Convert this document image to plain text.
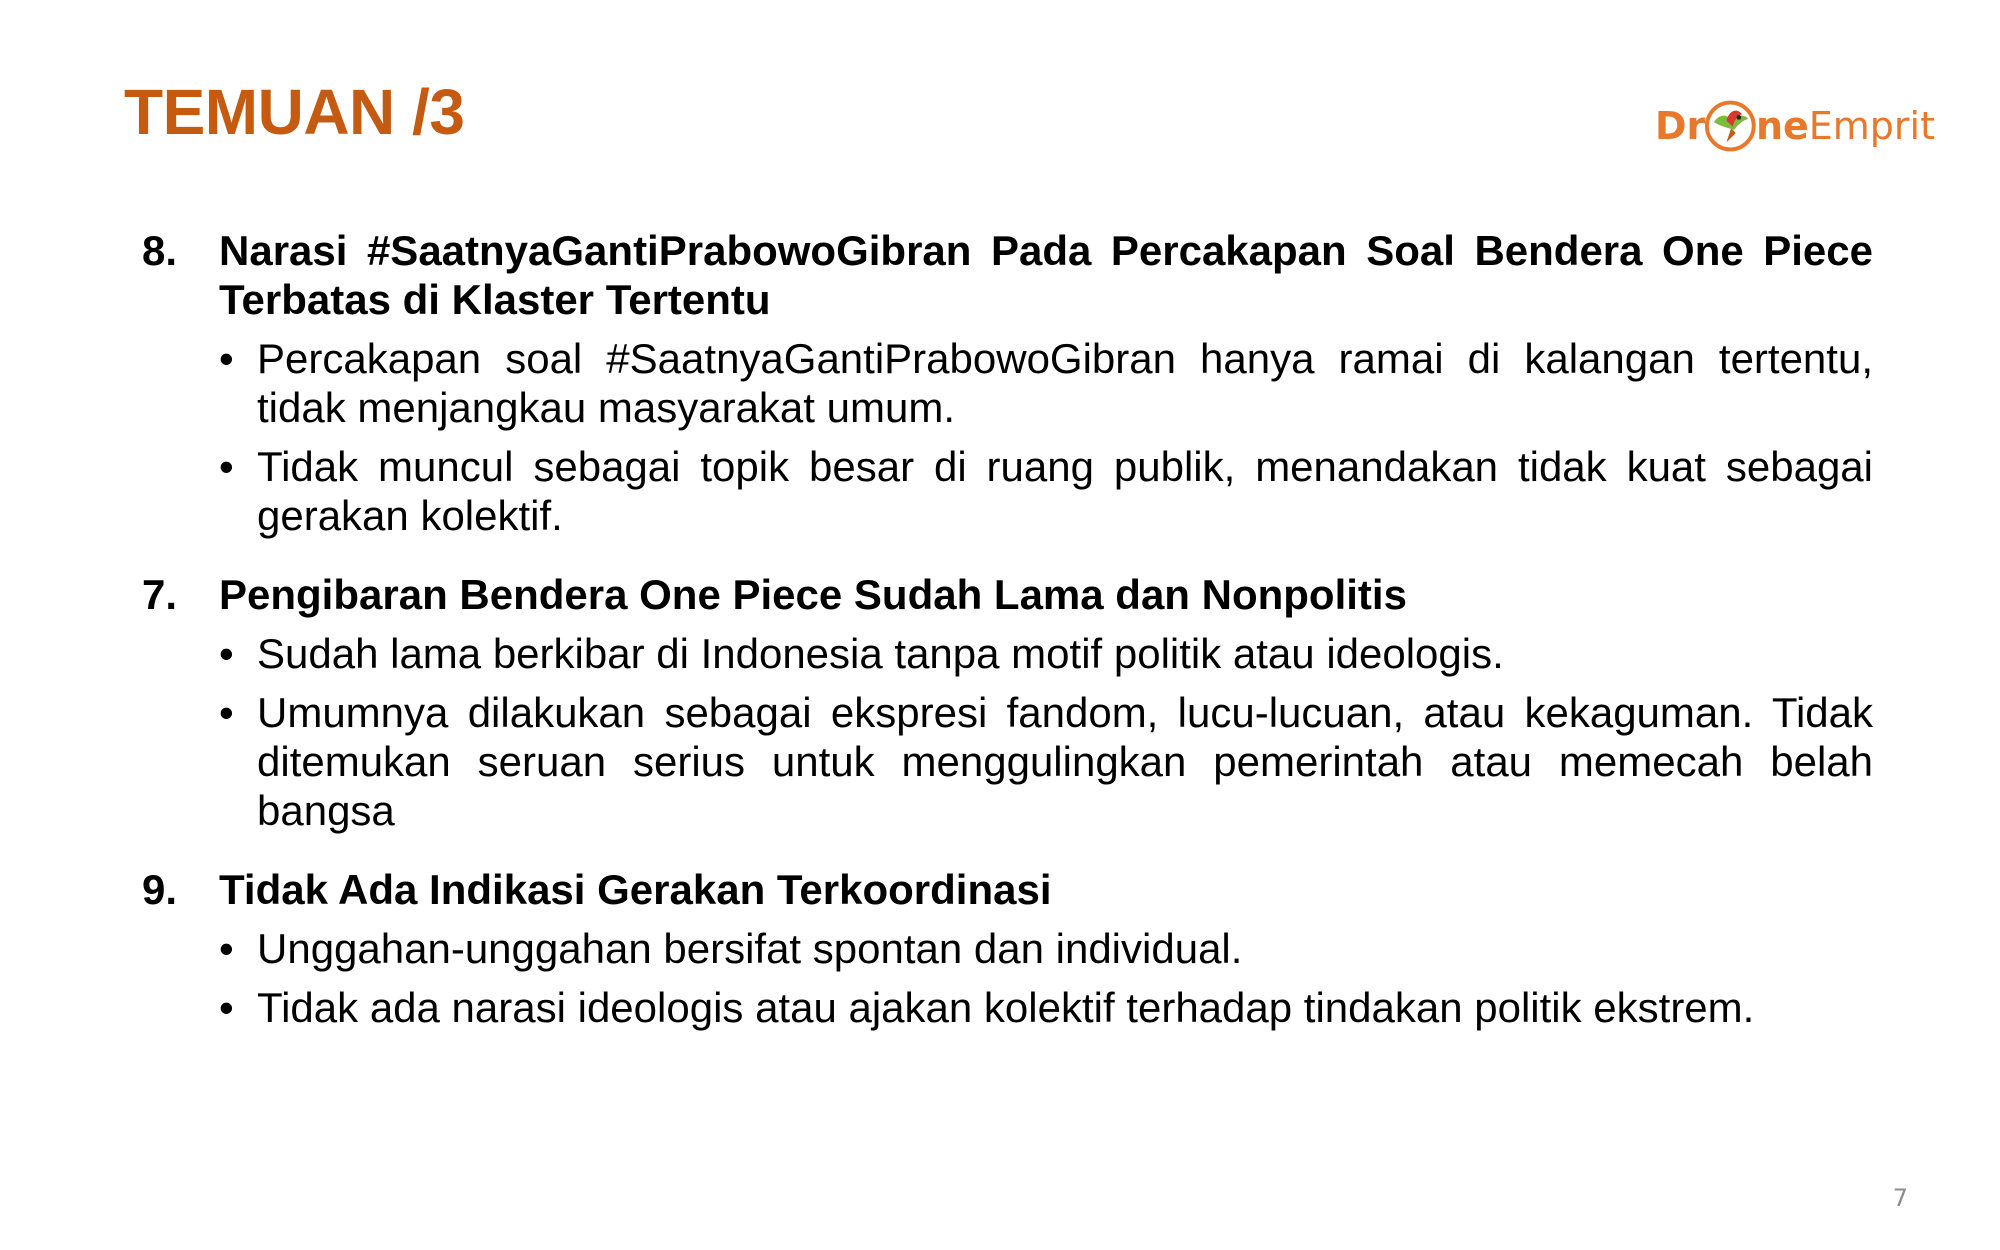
TEMUAN /3	Dr ne Emprit
8. Narasi #SaatnyaGantiPrabowoGibran Pada Percakapan Soal Bendera One Piece Terbatas di Klaster Tertentu
• Percakapan soal #SaatnyaGantiPrabowoGibran hanya ramai di kalangan tertentu, tidak menjangkau masyarakat umum.
• Tidak muncul sebagai topik besar di ruang publik, menandakan tidak kuat sebagai gerakan kolektif.
7. Pengibaran Bendera One Piece Sudah Lama dan Nonpolitis
• Sudah lama berkibar di Indonesia tanpa motif politik atau ideologis.
• Umumnya dilakukan sebagai ekspresi fandom, lucu-lucuan, atau kekaguman. Tidak ditemukan seruan serius untuk menggulingkan pemerintah atau memecah belah bangsa
9. Tidak Ada Indikasi Gerakan Terkoordinasi
• Unggahan-unggahan bersifat spontan dan individual.
• Tidak ada narasi ideologis atau ajakan kolektif terhadap tindakan politik ekstrem.
7
